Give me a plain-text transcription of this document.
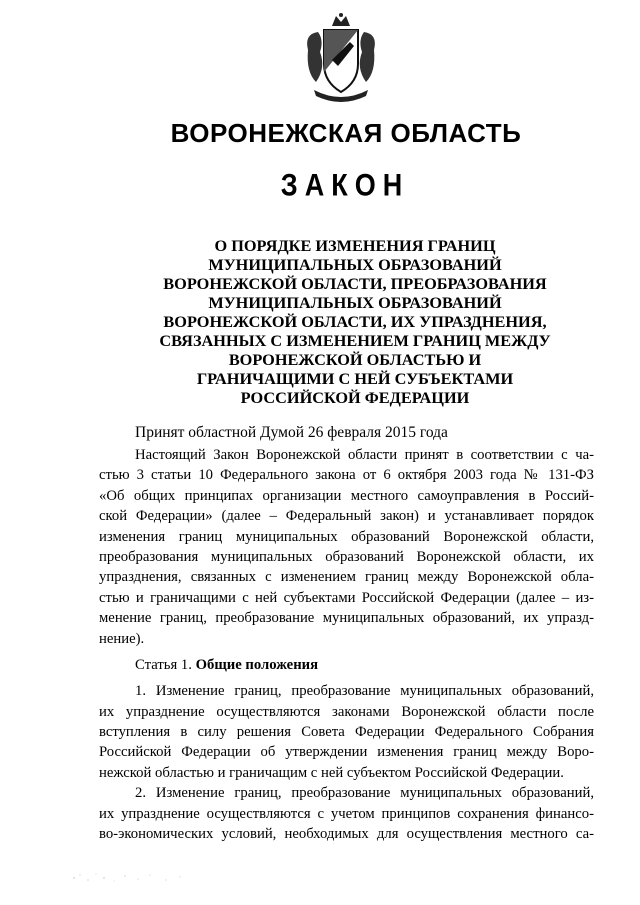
ВОРОНЕЖСКАЯ ОБЛАСТЬ
ЗАКОН
О ПОРЯДКЕ ИЗМЕНЕНИЯ ГРАНИЦ
МУНИЦИПАЛЬНЫХ ОБРАЗОВАНИЙ
ВОРОНЕЖСКОЙ ОБЛАСТИ, ПРЕОБРАЗОВАНИЯ
МУНИЦИПАЛЬНЫХ ОБРАЗОВАНИЙ
ВОРОНЕЖСКОЙ ОБЛАСТИ, ИХ УПРАЗДНЕНИЯ,
СВЯЗАННЫХ С ИЗМЕНЕНИЕМ ГРАНИЦ МЕЖДУ
ВОРОНЕЖСКОЙ ОБЛАСТЬЮ И
ГРАНИЧАЩИМИ С НЕЙ СУБЪЕКТАМИ
РОССИЙСКОЙ ФЕДЕРАЦИИ
Принят областной Думой 26 февраля 2015 года
Настоящий Закон Воронежской области принят в соответствии с ча-
стью 3 статьи 10 Федерального закона от 6 октября 2003 года № 131-ФЗ
«Об общих принципах организации местного самоуправления в Россий-
ской Федерации» (далее – Федеральный закон) и устанавливает порядок
изменения границ муниципальных образований Воронежской области,
преобразования муниципальных образований Воронежской области, их
упразднения, связанных с изменением границ между Воронежской обла-
стью и граничащими с ней субъектами Российской Федерации (далее – из-
менение границ, преобразование муниципальных образований, их упразд-
нение).
Статья 1. Общие положения
1. Изменение границ, преобразование муниципальных образований,
их упразднение осуществляются законами Воронежской области после
вступления в силу решения Совета Федерации Федерального Собрания
Российской Федерации об утверждении изменения границ между Воро-
нежской областью и граничащим с ней субъектом Российской Федерации.
2. Изменение границ, преобразование муниципальных образований,
их упразднение осуществляются с учетом принципов сохранения финансо-
во-экономических условий, необходимых для осуществления местного са-
